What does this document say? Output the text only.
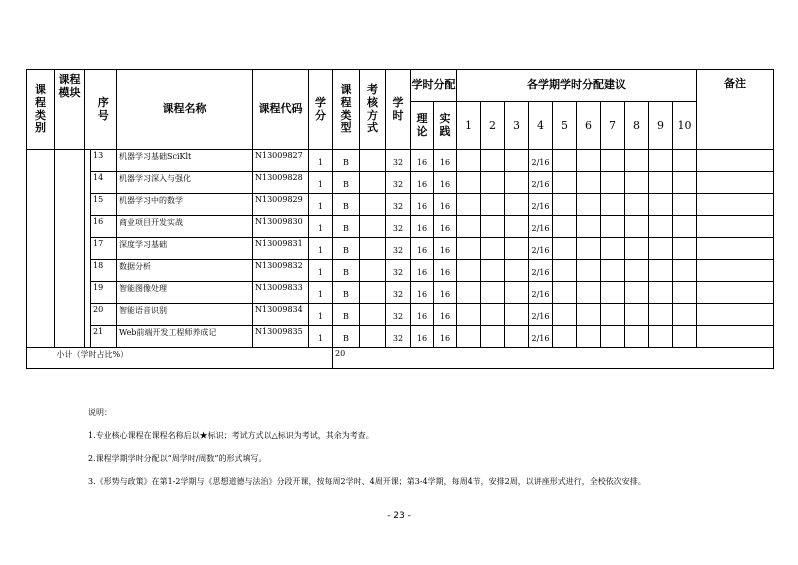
课程类别	课程模块		序号	课程名称	课程代码	学分	课程类型	考核方式	学时	学时分配		各学期学时分配建议										备注
										理论	实践	1	2	3	4	5	6	7	8	9	10	
			13	机器学习基础SciKlt	N13009827	1	B		32	16	16				2/16							
			14	机器学习深入与强化	N13009828	1	B		32	16	16				2/16							
			15	机器学习中的数学	N13009829	1	B		32	16	16				2/16							
			16	商业项目开发实战	N13009830	1	B		32	16	16				2/16							
			17	深度学习基础	N13009831	1	B		32	16	16				2/16							
			18	数据分析	N13009832	1	B		32	16	16				2/16							
			19	智能图像处理	N13009833	1	B		32	16	16				2/16							
			20	智能语音识别	N13009834	1	B		32	16	16				2/16							
			21	Web前端开发工程师养成记	N13009835	1	B		32	16	16				2/16							
	小计（学时占比%）						20															
说明：
1.专业核心课程在课程名称后以★标识；考试方式以△标识为考试，其余为考查。
2.课程学期学时分配以“周学时/周数”的形式填写。
3.《形势与政策》在第1-2学期与《思想道德与法治》分段开课，按每周2学时、4周开课；第3-4学期，每周4节，安排2周，以讲座形式进行，全校依次安排。
- 23 -
